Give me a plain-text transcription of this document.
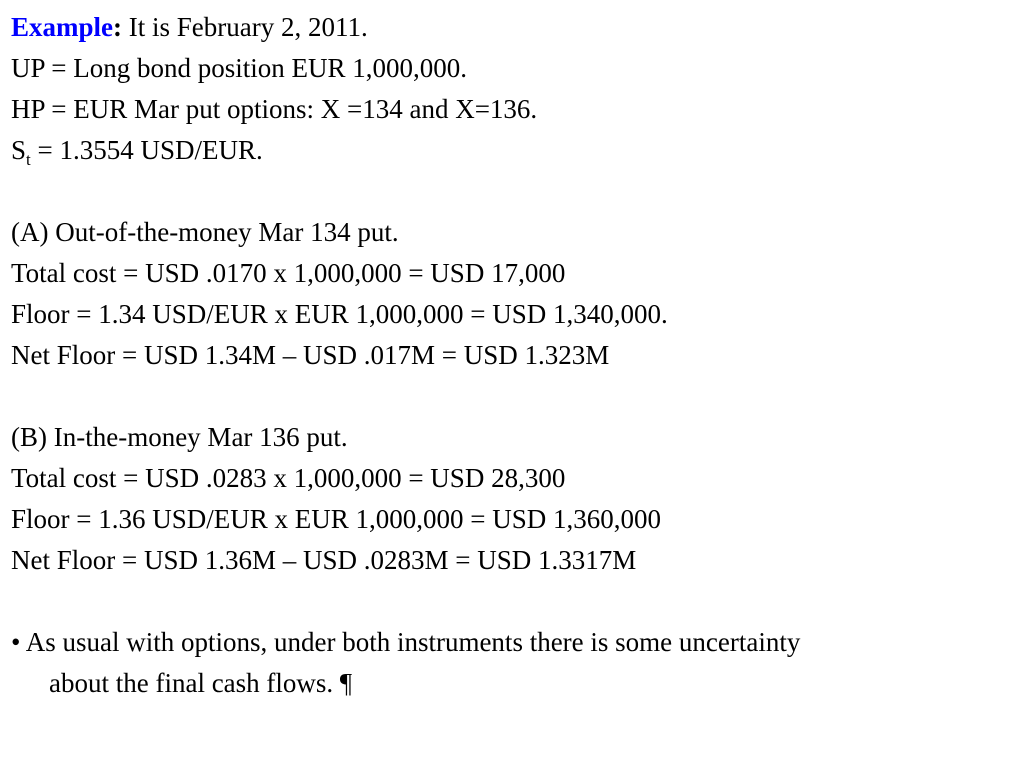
Example: It is February 2, 2011.
UP = Long bond position EUR 1,000,000.
HP = EUR Mar put options: X =134 and X=136.
$S_t = 1.3554$ USD/EUR.
(A) Out-of-the-money Mar 134 put.
Total cost = USD .0170 x 1,000,000 = USD 17,000
Floor = 1.34 USD/EUR x EUR 1,000,000 = USD 1,340,000.
Net Floor = USD 1.34M – USD .017M = USD 1.323M
(B) In-the-money Mar 136 put.
Total cost = USD .0283 x 1,000,000 = USD 28,300
Floor = 1.36 USD/EUR x EUR 1,000,000 = USD 1,360,000
Net Floor = USD 1.36M – USD .0283M = USD 1.3317M
• As usual with options, under both instruments there is some uncertainty
about the final cash flows. ¶
